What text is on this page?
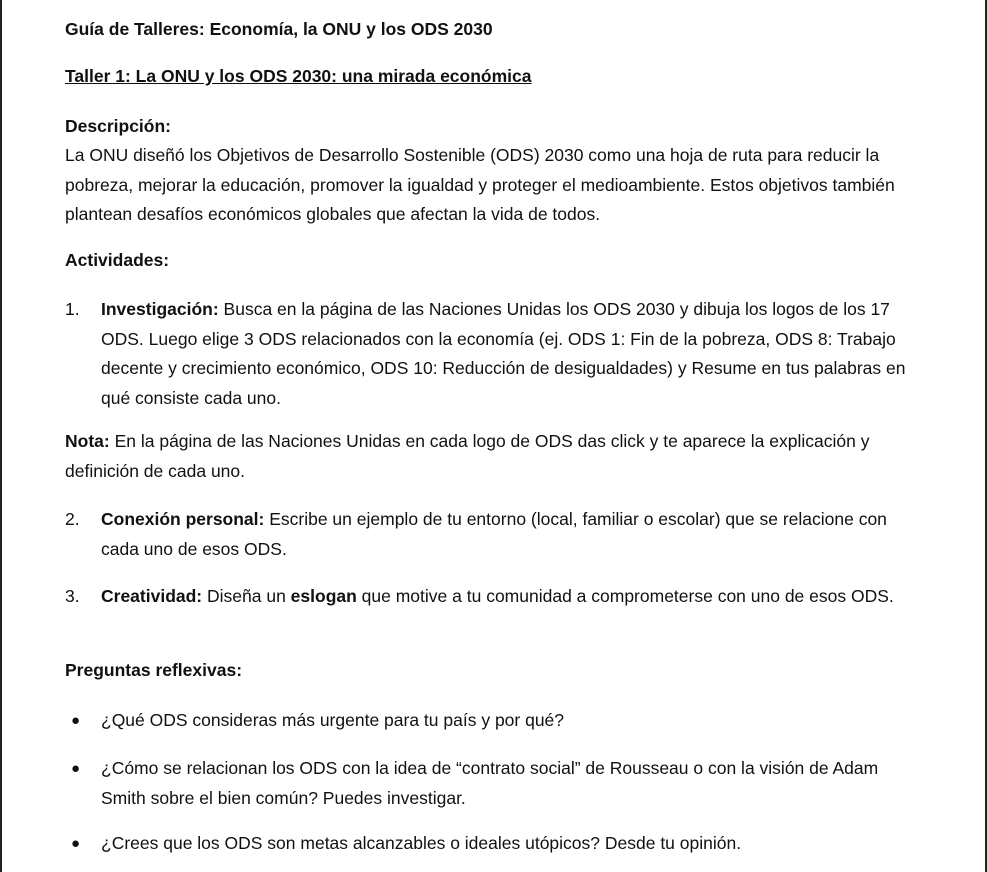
Guía de Talleres: Economía, la ONU y los ODS 2030
Taller 1: La ONU y los ODS 2030: una mirada económica
Descripción:
La ONU diseñó los Objetivos de Desarrollo Sostenible (ODS) 2030 como una hoja de ruta para reducir la pobreza, mejorar la educación, promover la igualdad y proteger el medioambiente. Estos objetivos también plantean desafíos económicos globales que afectan la vida de todos.
Actividades:
1.	Investigación: Busca en la página de las Naciones Unidas los ODS 2030 y dibuja los logos de los 17 ODS. Luego elige 3 ODS relacionados con la economía (ej. ODS 1: Fin de la pobreza, ODS 8: Trabajo decente y crecimiento económico, ODS 10: Reducción de desigualdades) y Resume en tus palabras en qué consiste cada uno.
Nota: En la página de las Naciones Unidas en cada logo de ODS das click y te aparece la explicación y definición de cada uno.
2.	Conexión personal: Escribe un ejemplo de tu entorno (local, familiar o escolar) que se relacione con cada uno de esos ODS.
3.	Creatividad: Diseña un eslogan que motive a tu comunidad a comprometerse con uno de esos ODS.
Preguntas reflexivas:
● ¿Qué ODS consideras más urgente para tu país y por qué?
● ¿Cómo se relacionan los ODS con la idea de “contrato social” de Rousseau o con la visión de Adam Smith sobre el bien común? Puedes investigar.
● ¿Crees que los ODS son metas alcanzables o ideales utópicos? Desde tu opinión.
